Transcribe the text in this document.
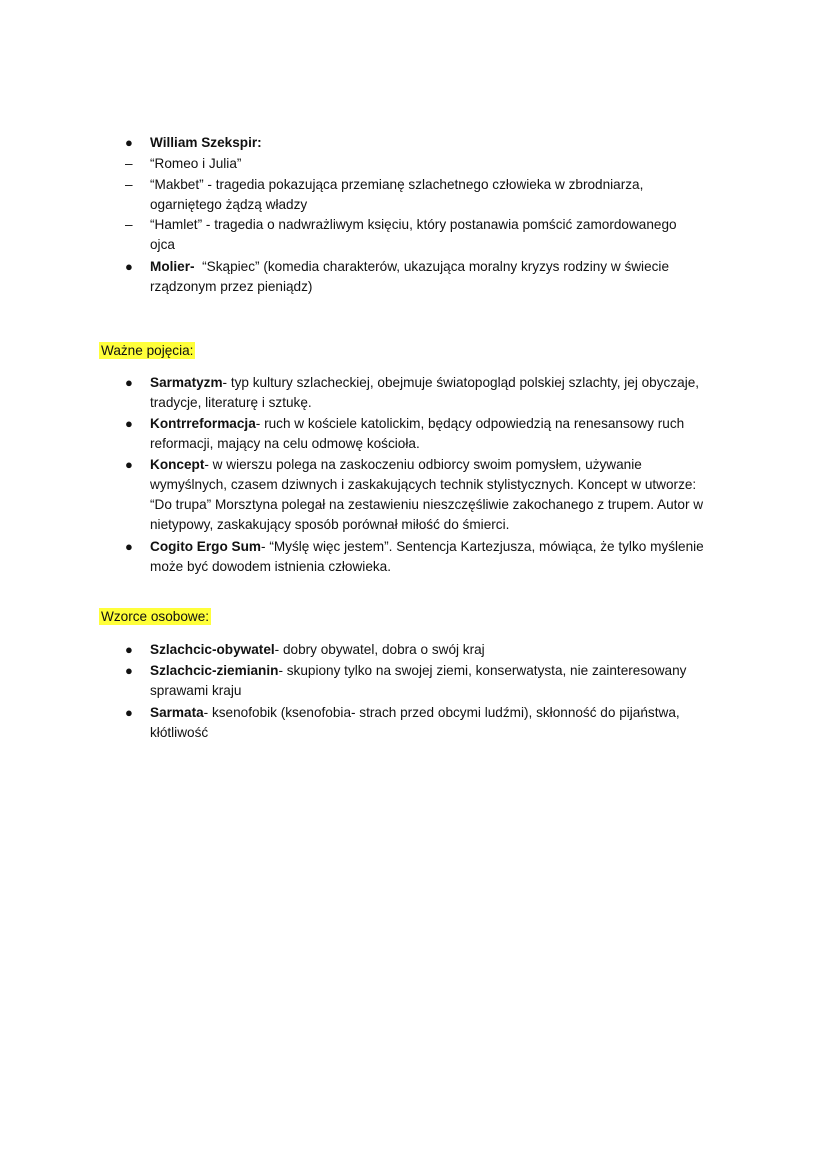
● William Szekspir:
– “Romeo i Julia”
– “Makbet” - tragedia pokazująca przemianę szlachetnego człowieka w zbrodniarza,
ogarniętego żądzą władzy
– “Hamlet” - tragedia o nadwrażliwym księciu, który postanawia pomścić zamordowanego
ojca
● Molier- “Skąpiec” (komedia charakterów, ukazująca moralny kryzys rodziny w świecie
rządzonym przez pieniądz)
Ważne pojęcia:
● Sarmatyzm- typ kultury szlacheckiej, obejmuje światopogląd polskiej szlachty, jej obyczaje,
tradycje, literaturę i sztukę.
● Kontrreformacja- ruch w kościele katolickim, będący odpowiedzią na renesansowy ruch
reformacji, mający na celu odmowę kościoła.
● Koncept- w wierszu polega na zaskoczeniu odbiorcy swoim pomysłem, używanie
wymyślnych, czasem dziwnych i zaskakujących technik stylistycznych. Koncept w utworze:
“Do trupa” Morsztyna polegał na zestawieniu nieszczęśliwie zakochanego z trupem. Autor w
nietypowy, zaskakujący sposób porównał miłość do śmierci.
● Cogito Ergo Sum- “Myślę więc jestem”. Sentencja Kartezjusza, mówiąca, że tylko myślenie
może być dowodem istnienia człowieka.
Wzorce osobowe:
● Szlachcic-obywatel- dobry obywatel, dobra o swój kraj
● Szlachcic-ziemianin- skupiony tylko na swojej ziemi, konserwatysta, nie zainteresowany
sprawami kraju
● Sarmata- ksenofobik (ksenofobia- strach przed obcymi ludźmi), skłonność do pijaństwa,
kłótliwość
